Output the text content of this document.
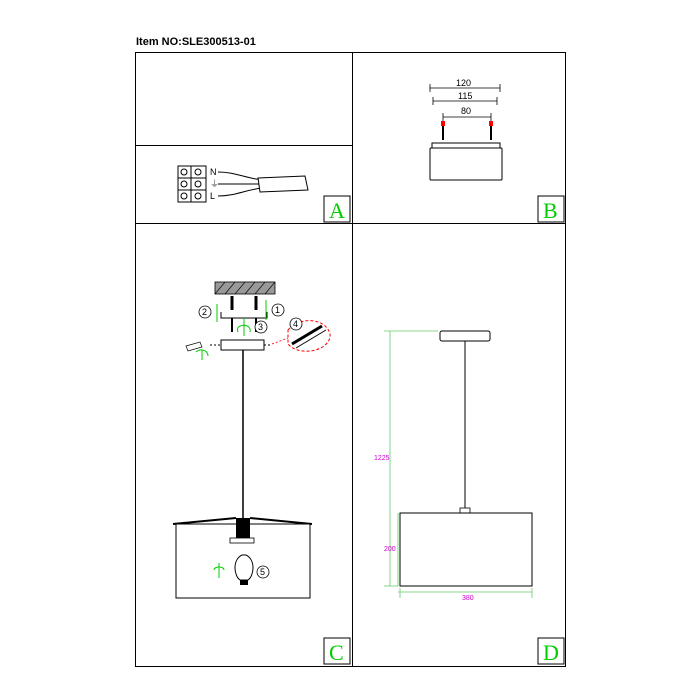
Item NO:SLE300513-01
N
⏚
L
A
120
115
80
B
1
2
3	4
5
C
1225
200
380
D
